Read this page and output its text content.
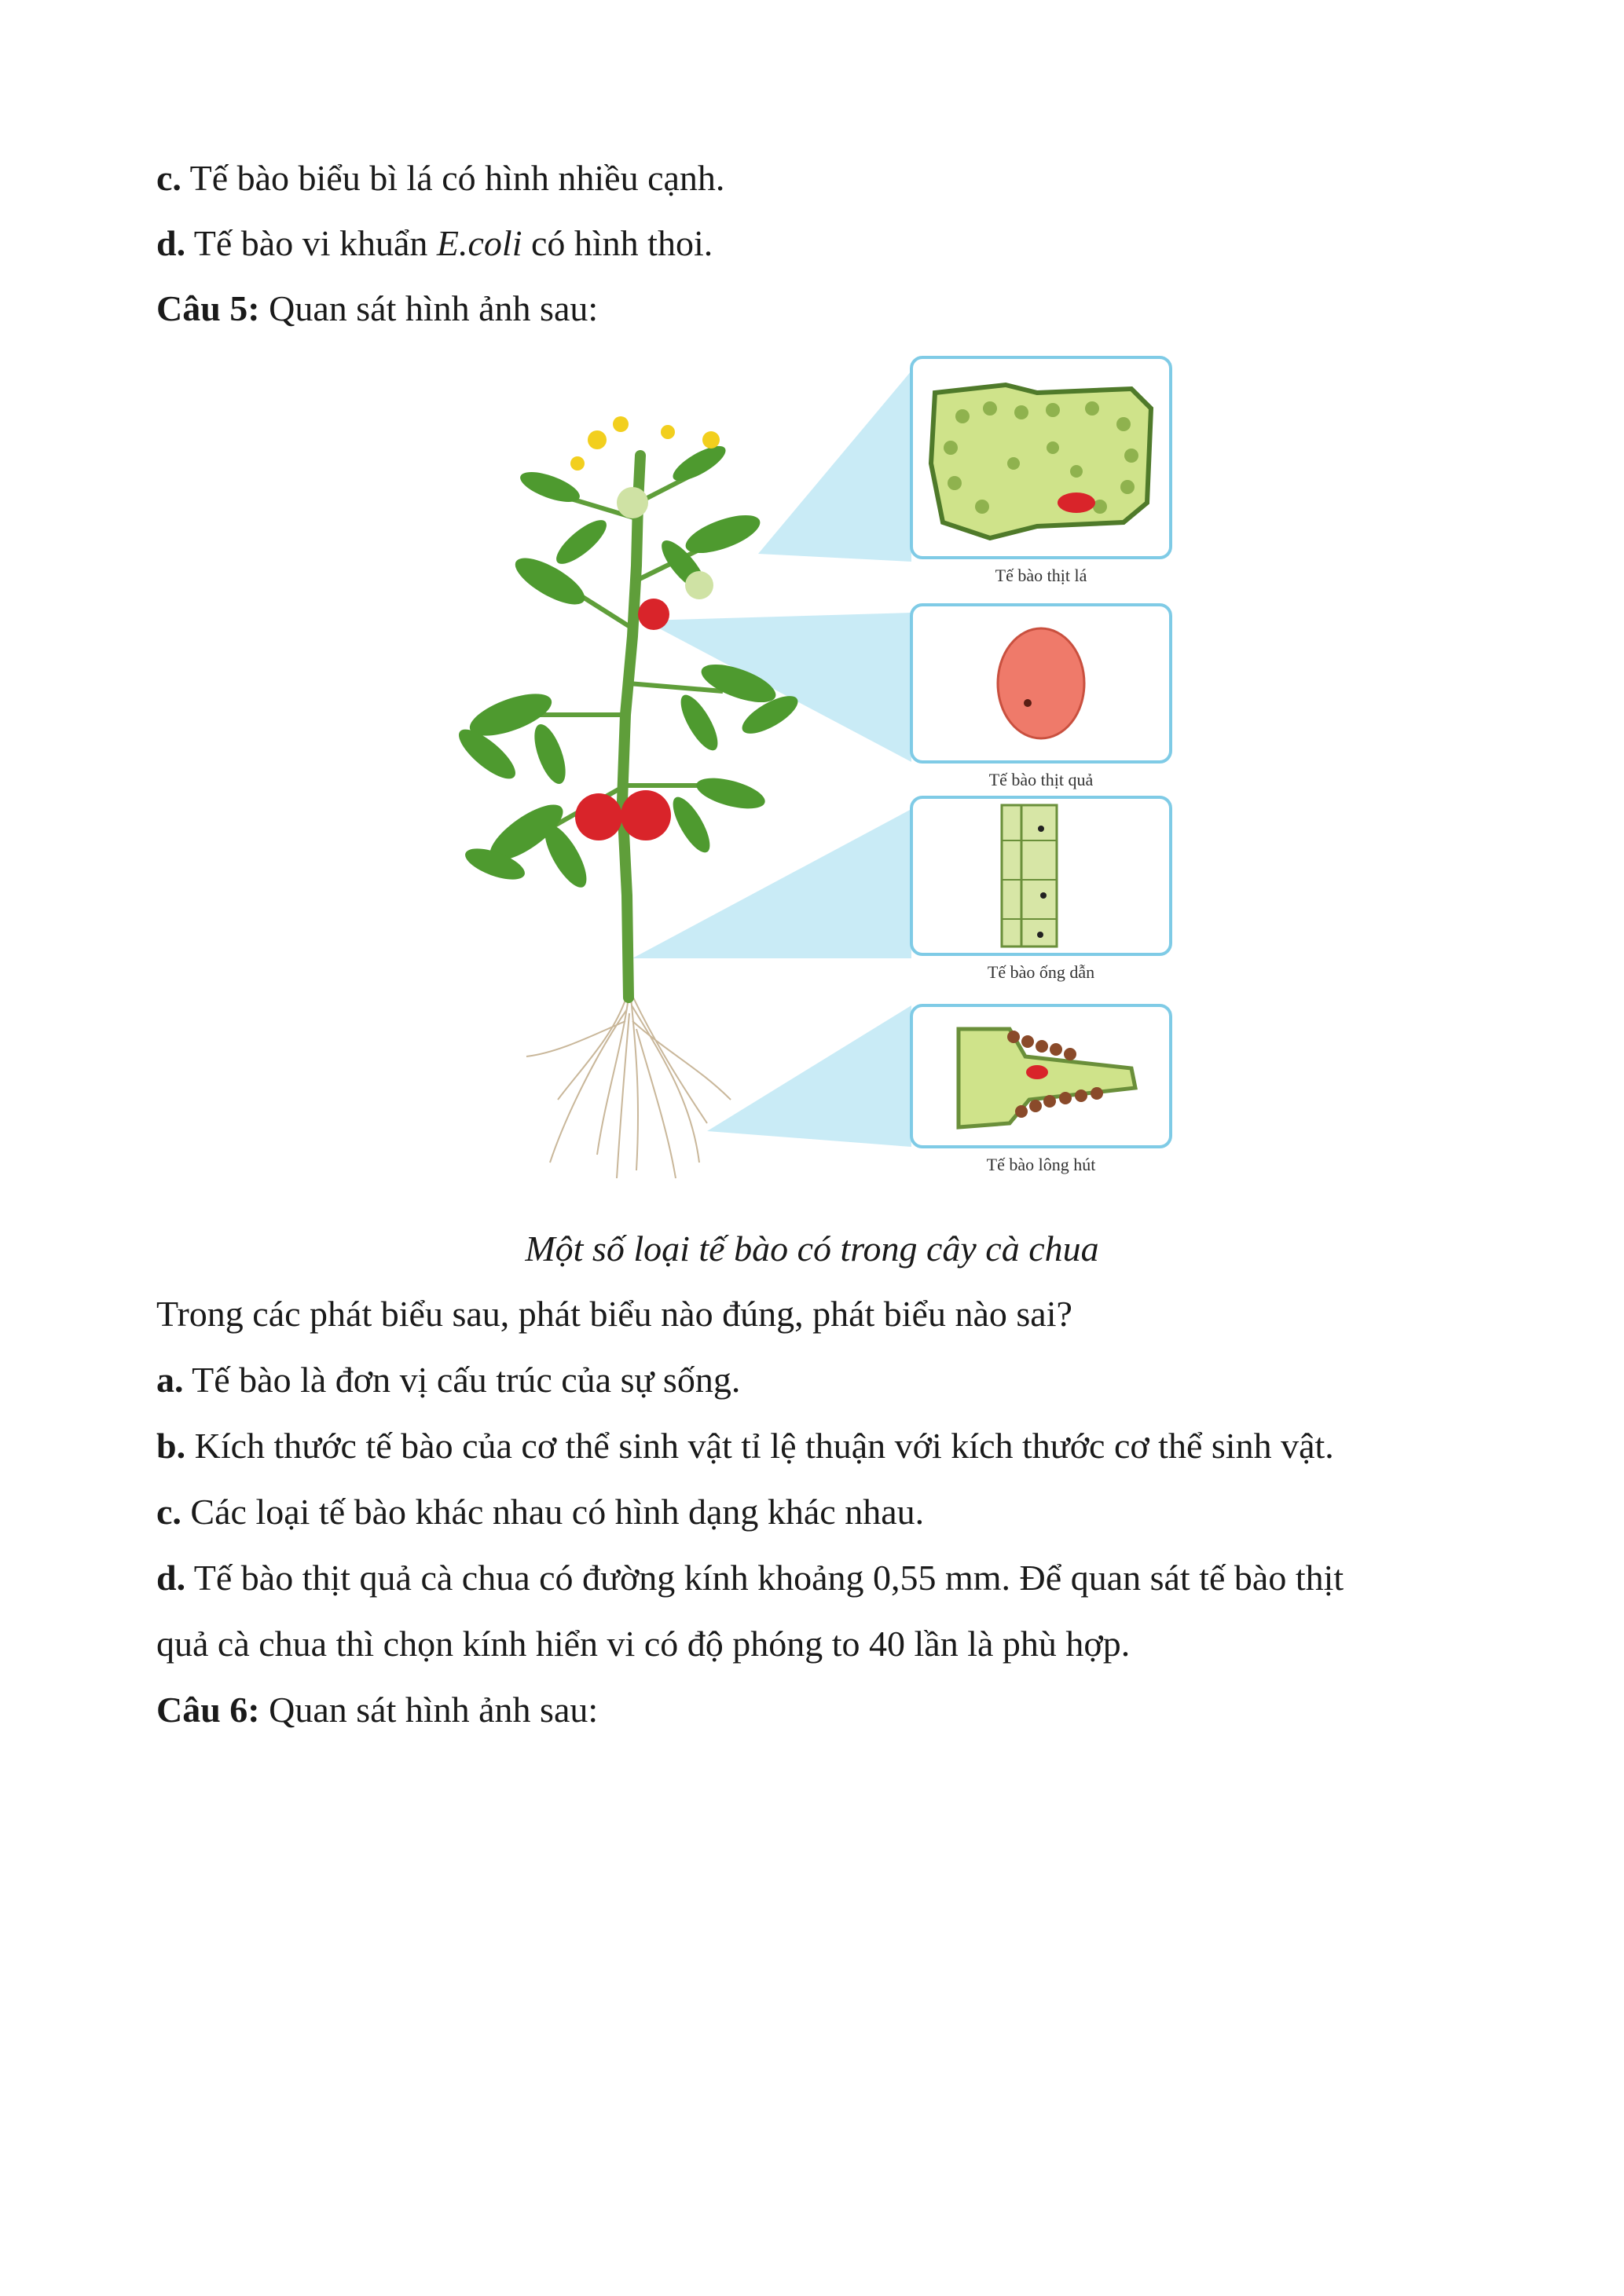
c. Tế bào biểu bì lá có hình nhiều cạnh.
d. Tế bào vi khuẩn E.coli có hình thoi.
Câu 5: Quan sát hình ảnh sau:
Tế bào thịt lá
Tế bào thịt quả
Tế bào ống dẫn
Tế bào lông hút
Một số loại tế bào có trong cây cà chua
Trong các phát biểu sau, phát biểu nào đúng, phát biểu nào sai?
a. Tế bào là đơn vị cấu trúc của sự sống.
b. Kích thước tế bào của cơ thể sinh vật tỉ lệ thuận với kích thước cơ thể sinh vật.
c. Các loại tế bào khác nhau có hình dạng khác nhau.
d. Tế bào thịt quả cà chua có đường kính khoảng 0,55 mm. Để quan sát tế bào thịt
quả cà chua thì chọn kính hiển vi có độ phóng to 40 lần là phù hợp.
Câu 6: Quan sát hình ảnh sau:
